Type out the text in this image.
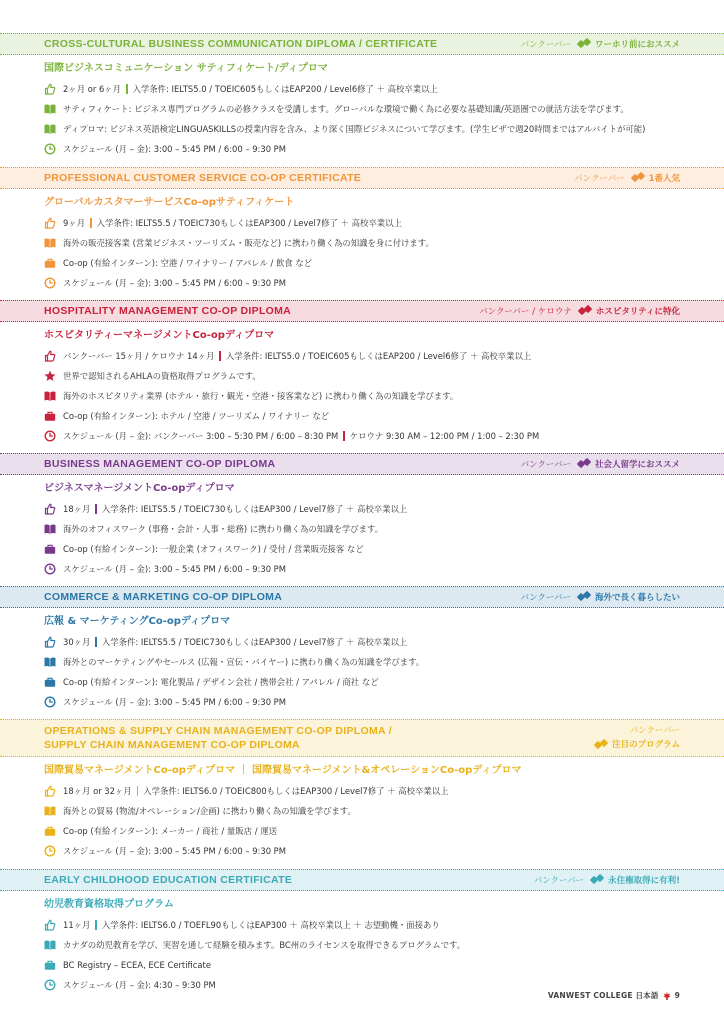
CROSS-CULTURAL BUSINESS COMMUNICATION DIPLOMA / CERTIFICATE	バンクーバー	ワーホリ前におススメ
国際ビジネスコミュニケーション サティフィケート/ディプロマ
2ヶ月 or 6ヶ月 入学条件: IELTS5.0 / TOEIC605もしくはEAP200 / Level6修了 ＋ 高校卒業以上
サティフィケート: ビジネス専門プログラムの必修クラスを受講します。グローバルな環境で働く為に必要な基礎知識/英語圏での就活方法を学びます。
ディプロマ: ビジネス英語検定LINGUASKILLSの授業内容を含み、より深く国際ビジネスについて学びます。(学生ビザで週20時間まではアルバイトが可能)
スケジュール (月 – 金): 3:00 – 5:45 PM / 6:00 – 9:30 PM
PROFESSIONAL CUSTOMER SERVICE CO-OP CERTIFICATE	バンクーバー	1番人気
グローバルカスタマーサービスCo-opサティフィケート
9ヶ月 入学条件: IELTS5.5 / TOEIC730もしくはEAP300 / Level7修了 ＋ 高校卒業以上
海外の販売接客業 (営業ビジネス・ツーリズム・販売など) に携わり働く為の知識を身に付けます。
Co-op (有給インターン): 空港 / ワイナリー / アパレル / 飲食 など
スケジュール (月 – 金): 3:00 – 5:45 PM / 6:00 – 9:30 PM
HOSPITALITY MANAGEMENT CO-OP DIPLOMA	バンクーバー / ケロウナ	ホスピタリティに特化
ホスピタリティーマネージメントCo-opディプロマ
バンクーバー 15ヶ月 / ケロウナ 14ヶ月 入学条件: IELTS5.0 / TOEIC605もしくはEAP200 / Level6修了 ＋ 高校卒業以上
世界で認知されるAHLAの資格取得プログラムです。
海外のホスピタリティ業界 (ホテル・旅行・観光・空港・接客業など) に携わり働く為の知識を学びます。
Co-op (有給インターン): ホテル / 空港 / ツーリズム / ワイナリー など
スケジュール (月 – 金): バンクーバー 3:00 – 5:30 PM / 6:00 – 8:30 PM ケロウナ 9:30 AM – 12:00 PM / 1:00 – 2:30 PM
BUSINESS MANAGEMENT CO-OP DIPLOMA	バンクーバー	社会人留学におススメ
ビジネスマネージメントCo-opディプロマ
18ヶ月 入学条件: IELTS5.5 / TOEIC730もしくはEAP300 / Level7修了 ＋ 高校卒業以上
海外のオフィスワーク (事務・会計・人事・総務) に携わり働く為の知識を学びます。
Co-op (有給インターン): 一般企業 (オフィスワーク) / 受付 / 営業販売接客 など
スケジュール (月 – 金): 3:00 – 5:45 PM / 6:00 – 9:30 PM
COMMERCE & MARKETING CO-OP DIPLOMA	バンクーバー	海外で長く暮らしたい
広報 & マーケティングCo-opディプロマ
30ヶ月 入学条件: IELTS5.5 / TOEIC730もしくはEAP300 / Level7修了 ＋ 高校卒業以上
海外とのマーケティングやセールス (広報・宣伝・バイヤー) に携わり働く為の知識を学びます。
Co-op (有給インターン): 電化製品 / デザイン会社 / 携帯会社 / アパレル / 商社 など
スケジュール (月 – 金): 3:00 – 5:45 PM / 6:00 – 9:30 PM
OPERATIONS & SUPPLY CHAIN MANAGEMENT CO-OP DIPLOMA /
SUPPLY CHAIN MANAGEMENT CO-OP DIPLOMA
バンクーバー
注目のプログラム
国際貿易マネージメントCo-opディプロマ ｜ 国際貿易マネージメント&オペレーションCo-opディプロマ
18ヶ月 or 32ヶ月 入学条件: IELTS6.0 / TOEIC800もしくはEAP300 / Level7修了 ＋ 高校卒業以上
海外との貿易 (物流/オペレーション/企画) に携わり働く為の知識を学びます。
Co-op (有給インターン): メーカー / 商社 / 量販店 / 運送
スケジュール (月 – 金): 3:00 – 5:45 PM / 6:00 – 9:30 PM
EARLY CHILDHOOD EDUCATION CERTIFICATE	バンクーバー	永住権取得に有利!
幼児教育資格取得プログラム
11ヶ月 入学条件: IELTS6.0 / TOEFL90もしくはEAP300 ＋ 高校卒業以上 ＋ 志望動機・面接あり
カナダの幼児教育を学び、実習を通して経験を積みます。BC州のライセンスを取得できるプログラムです。
BC Registry – ECEA, ECE Certificate
スケジュール (月 – 金): 4:30 – 9:30 PM
VANWEST COLLEGE 日本語 9
